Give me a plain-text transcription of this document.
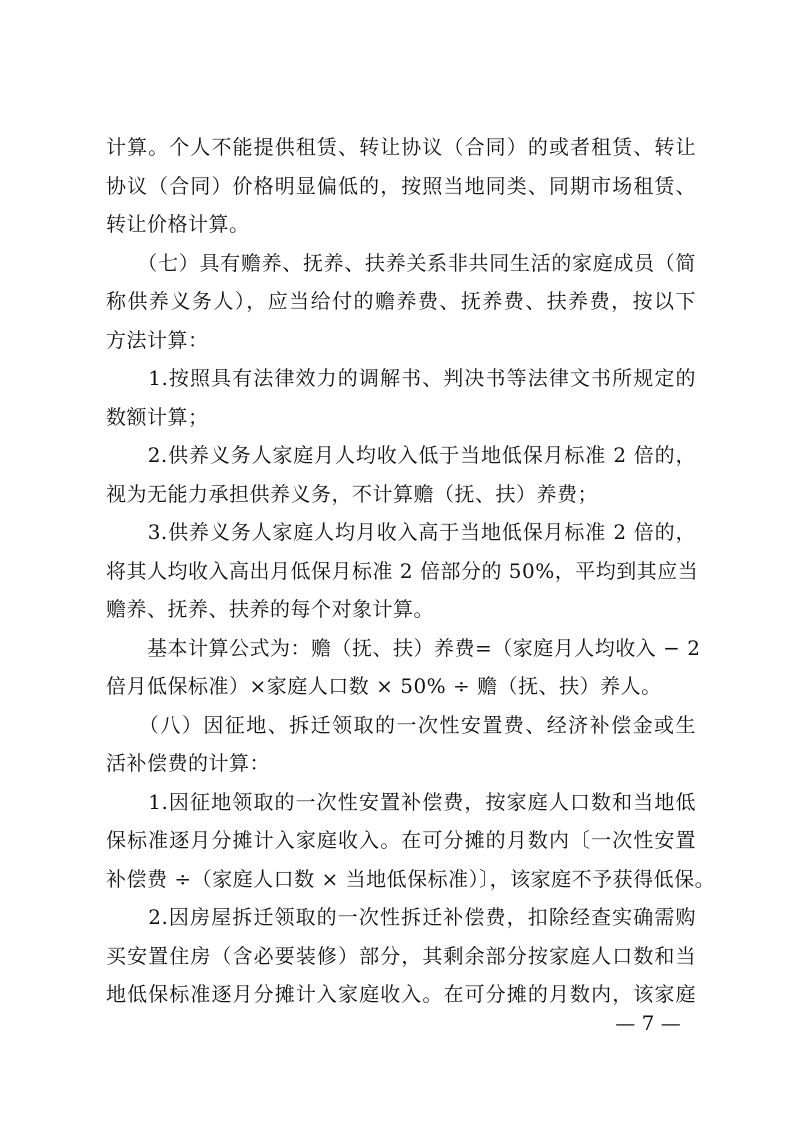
计算。个人不能提供租赁、转让协议（合同）的或者租赁、转让
协议（合同）价格明显偏低的，按照当地同类、同期市场租赁、
转让价格计算。
　　（七）具有赡养、抚养、扶养关系非共同生活的家庭成员（简
称供养义务人），应当给付的赡养费、抚养费、扶养费，按以下
方法计算：
　　1.按照具有法律效力的调解书、判决书等法律文书所规定的
数额计算；
　　2.供养义务人家庭月人均收入低于当地低保月标准 2 倍的，
视为无能力承担供养义务，不计算赡（抚、扶）养费；
　　3.供养义务人家庭人均月收入高于当地低保月标准 2 倍的，
将其人均收入高出月低保月标准 2 倍部分的 50%，平均到其应当
赡养、抚养、扶养的每个对象计算。
　　基本计算公式为：赡（抚、扶）养费=（家庭月人均收入 − 2
倍月低保标准）×家庭人口数 × 50% ÷ 赡（抚、扶）养人。
　　（八）因征地、拆迁领取的一次性安置费、经济补偿金或生
活补偿费的计算：
　　1.因征地领取的一次性安置补偿费，按家庭人口数和当地低
保标准逐月分摊计入家庭收入。在可分摊的月数内〔一次性安置
补偿费 ÷（家庭人口数 × 当地低保标准）〕，该家庭不予获得低保。
　　2.因房屋拆迁领取的一次性拆迁补偿费，扣除经查实确需购
买安置住房（含必要装修）部分，其剩余部分按家庭人口数和当
地低保标准逐月分摊计入家庭收入。在可分摊的月数内，该家庭
— 7 —
